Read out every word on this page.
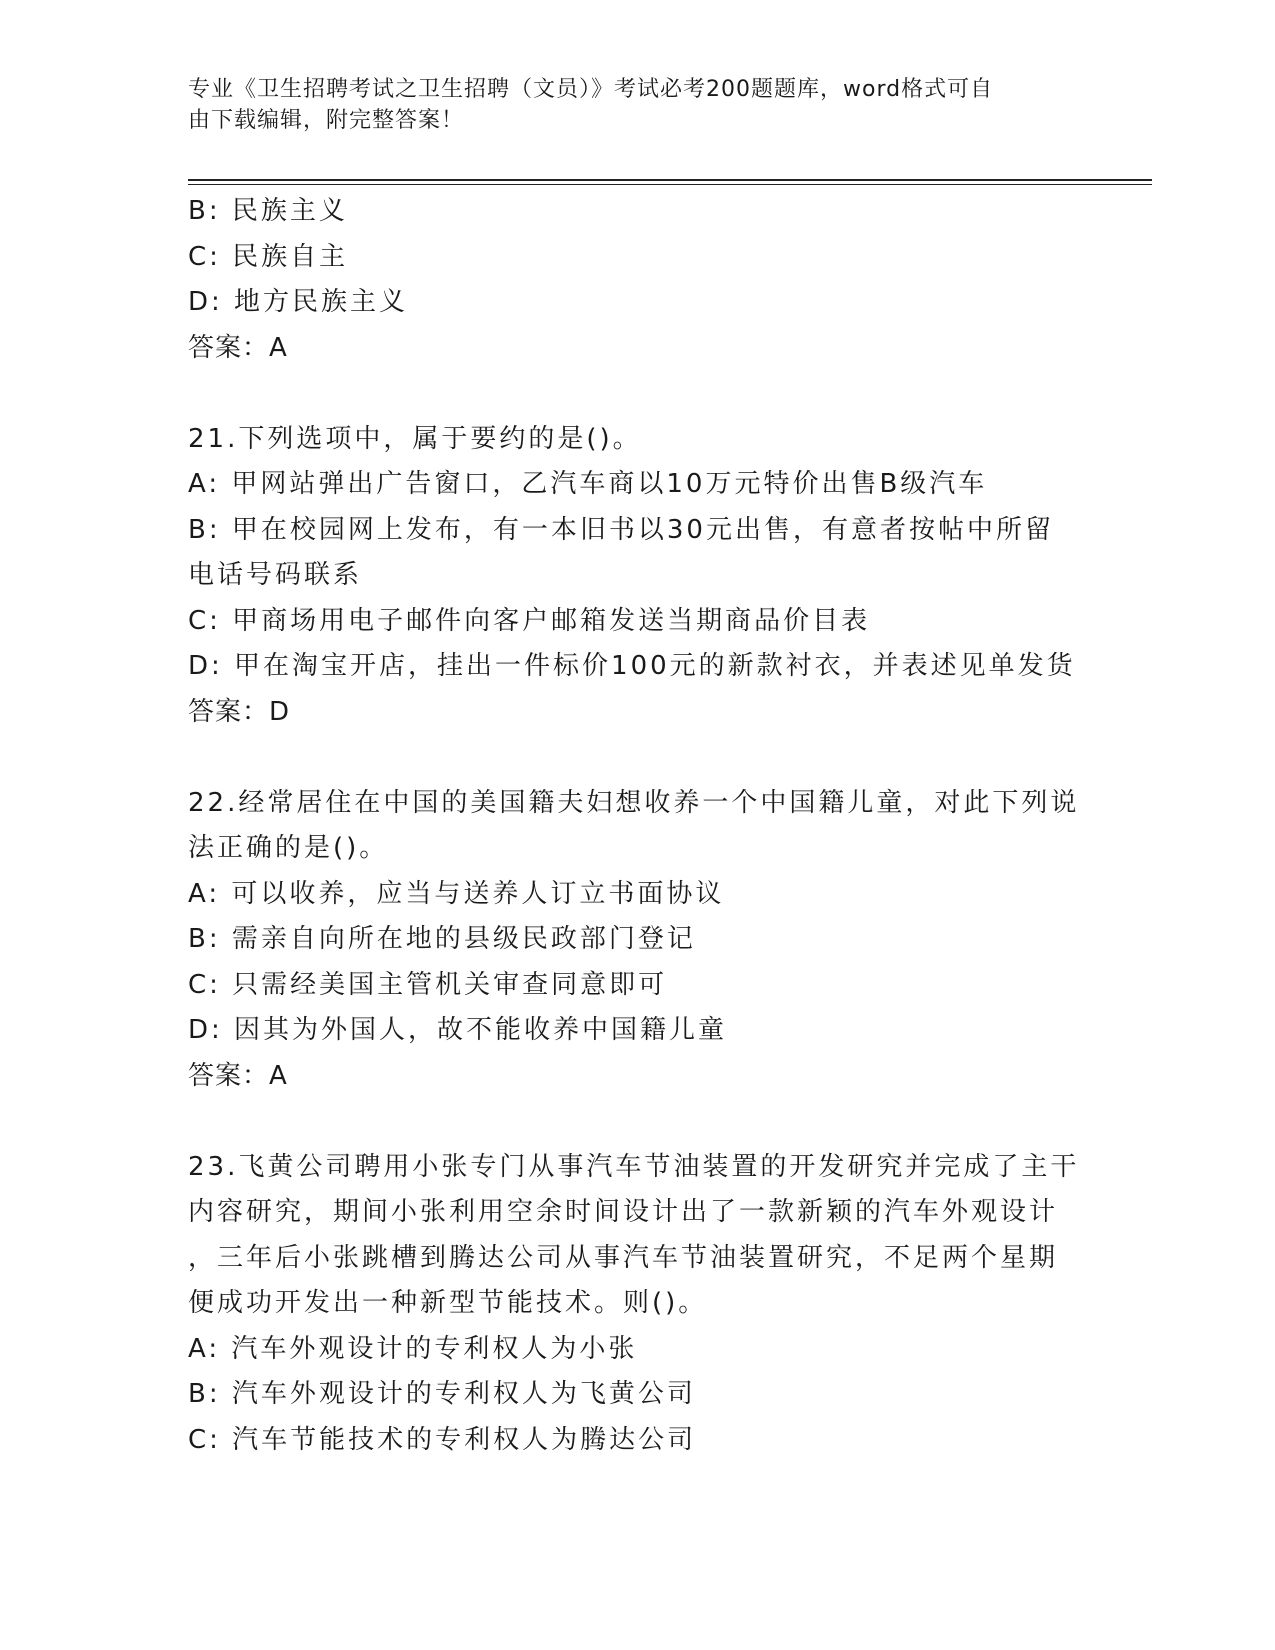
专业《卫生招聘考试之卫生招聘（文员）》考试必考200题题库，word格式可自
由下载编辑，附完整答案！
B: 民族主义
C: 民族自主
D: 地方民族主义
答案：A
21.下列选项中，属于要约的是()。
A: 甲网站弹出广告窗口，乙汽车商以10万元特价出售B级汽车
B: 甲在校园网上发布，有一本旧书以30元出售，有意者按帖中所留
电话号码联系
C: 甲商场用电子邮件向客户邮箱发送当期商品价目表
D: 甲在淘宝开店，挂出一件标价100元的新款衬衣，并表述见单发货
答案：D
22.经常居住在中国的美国籍夫妇想收养一个中国籍儿童，对此下列说
法正确的是()。
A: 可以收养，应当与送养人订立书面协议
B: 需亲自向所在地的县级民政部门登记
C: 只需经美国主管机关审查同意即可
D: 因其为外国人，故不能收养中国籍儿童
答案：A
23.飞黄公司聘用小张专门从事汽车节油装置的开发研究并完成了主干
内容研究，期间小张利用空余时间设计出了一款新颖的汽车外观设计
，三年后小张跳槽到腾达公司从事汽车节油装置研究，不足两个星期
便成功开发出一种新型节能技术。则()。
A: 汽车外观设计的专利权人为小张
B: 汽车外观设计的专利权人为飞黄公司
C: 汽车节能技术的专利权人为腾达公司
